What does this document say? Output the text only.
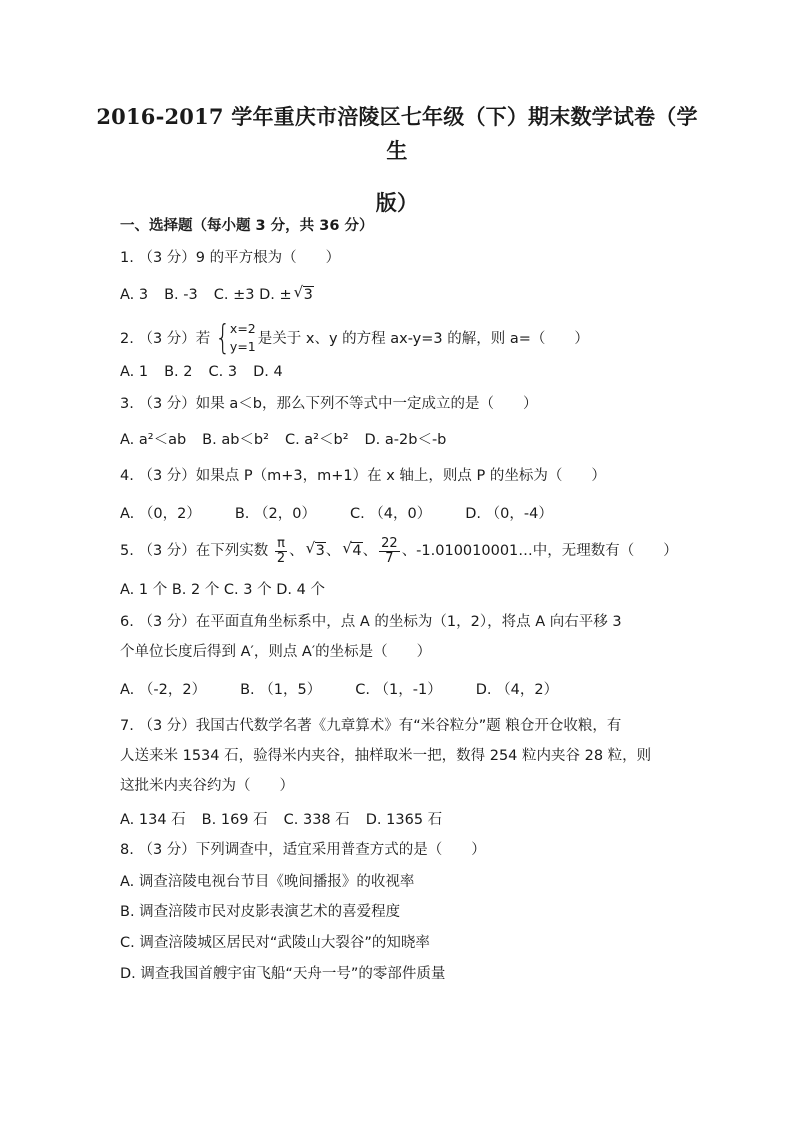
2016-2017 学年重庆市涪陵区七年级（下）期末数学试卷（学生
版）
一、选择题（每小题 3 分，共 36 分）
1. （3 分）9 的平方根为（　　）
A. 3 B. -3 C. ±3 D. ± √ 3
2. （3 分）若 { x=2
y=1 是关于 x、y 的方程 ax-y=3 的解，则 a=（　　）
A. 1 B. 2 C. 3 D. 4
3. （3 分）如果 a＜b，那么下列不等式中一定成立的是（　　）
A. a²＜ab B. ab＜b² C. a²＜b² D. a-2b＜-b
4. （3 分）如果点 P（m+3，m+1）在 x 轴上，则点 P 的坐标为（　　）
A. （0，2） B. （2，0） C. （4，0） D. （0，-4）
5. （3 分）在下列实数 $\frac{\pi}{2}$ 、 √ 3、 √ 4、 $\frac{22}{7}$ 、-1.010010001…中，无理数有（　　）
A. 1 个 B. 2 个 C. 3 个 D. 4 个
6. （3 分）在平面直角坐标系中，点 A 的坐标为（1，2），将点 A 向右平移 3
个单位长度后得到 A′，则点 A′的坐标是（　　）
A. （-2，2） B. （1，5） C. （1，-1） D. （4，2）
7. （3 分）我国古代数学名著《九章算术》有“米谷粒分”题 粮仓开仓收粮，有
人送来米 1534 石，验得米内夹谷，抽样取米一把，数得 254 粒内夹谷 28 粒，则
这批米内夹谷约为（　　）
A. 134 石 B. 169 石 C. 338 石 D. 1365 石
8. （3 分）下列调查中，适宜采用普查方式的是（　　）
A. 调查涪陵电视台节目《晚间播报》的收视率
B. 调查涪陵市民对皮影表演艺术的喜爱程度
C. 调查涪陵城区居民对“武陵山大裂谷”的知晓率
D. 调查我国首艘宇宙飞船“天舟一号”的零部件质量
